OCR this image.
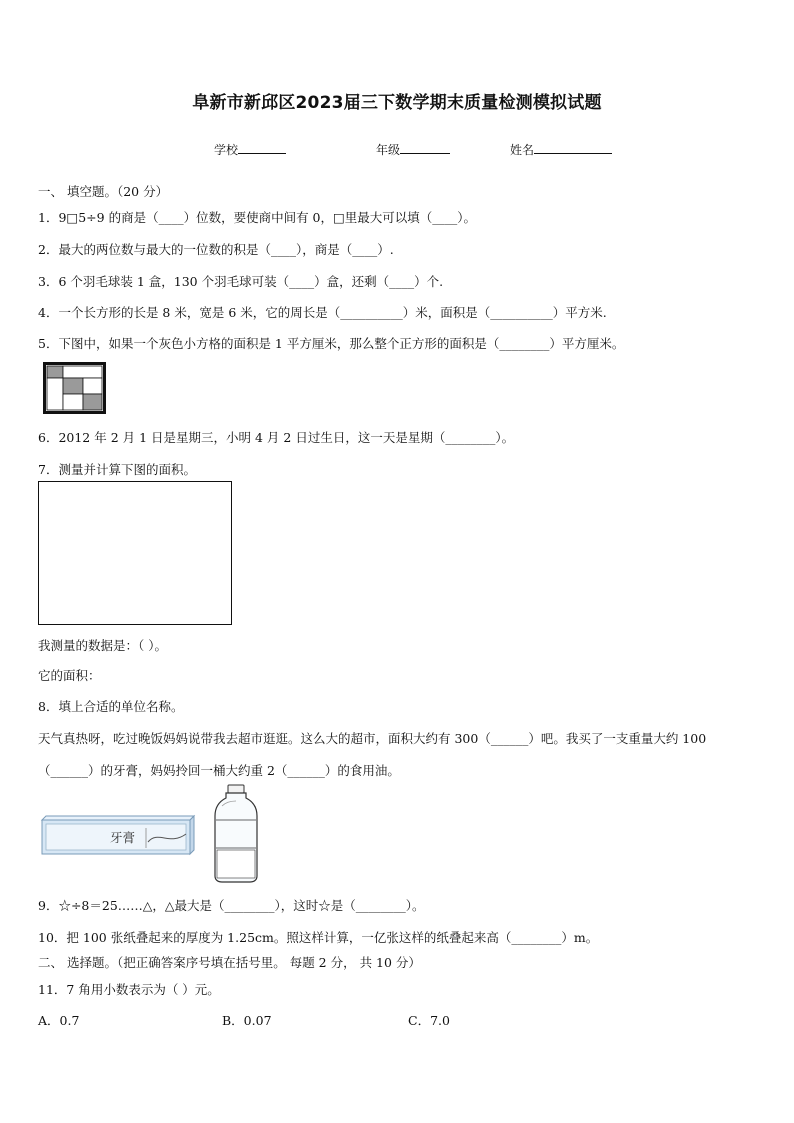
阜新市新邱区2023届三下数学期末质量检测模拟试题
学校	年级	姓名
一、 填空题。（20 分）
1．9□5÷9 的商是（____）位数，要使商中间有 0，□里最大可以填（____）。
2．最大的两位数与最大的一位数的积是（____），商是（____）.
3．6 个羽毛球装 1 盒，130 个羽毛球可装（____）盒，还剩（____）个.
4．一个长方形的长是 8 米，宽是 6 米，它的周长是（__________）米，面积是（__________）平方米.
5．下图中，如果一个灰色小方格的面积是 1 平方厘米，那么整个正方形的面积是（________）平方厘米。
6．2012 年 2 月 1 日是星期三，小明 4 月 2 日过生日，这一天是星期（________）。
7．测量并计算下图的面积。
我测量的数据是：（ ）。
它的面积：
8．填上合适的单位名称。
天气真热呀，吃过晚饭妈妈说带我去超市逛逛。这么大的超市，面积大约有 300（______）吧。我买了一支重量大约 100
（______）的牙膏，妈妈拎回一桶大约重 2（______）的食用油。
牙膏
9．☆÷8＝25……△，△最大是（________），这时☆是（________）。
10．把 100 张纸叠起来的厚度为 1.25cm。照这样计算，一亿张这样的纸叠起来高（________）m。
二、 选择题。（把正确答案序号填在括号里。 每题 2 分， 共 10 分）
11．7 角用小数表示为（ ）元。
A．0.7	B．0.07	C．7.0
